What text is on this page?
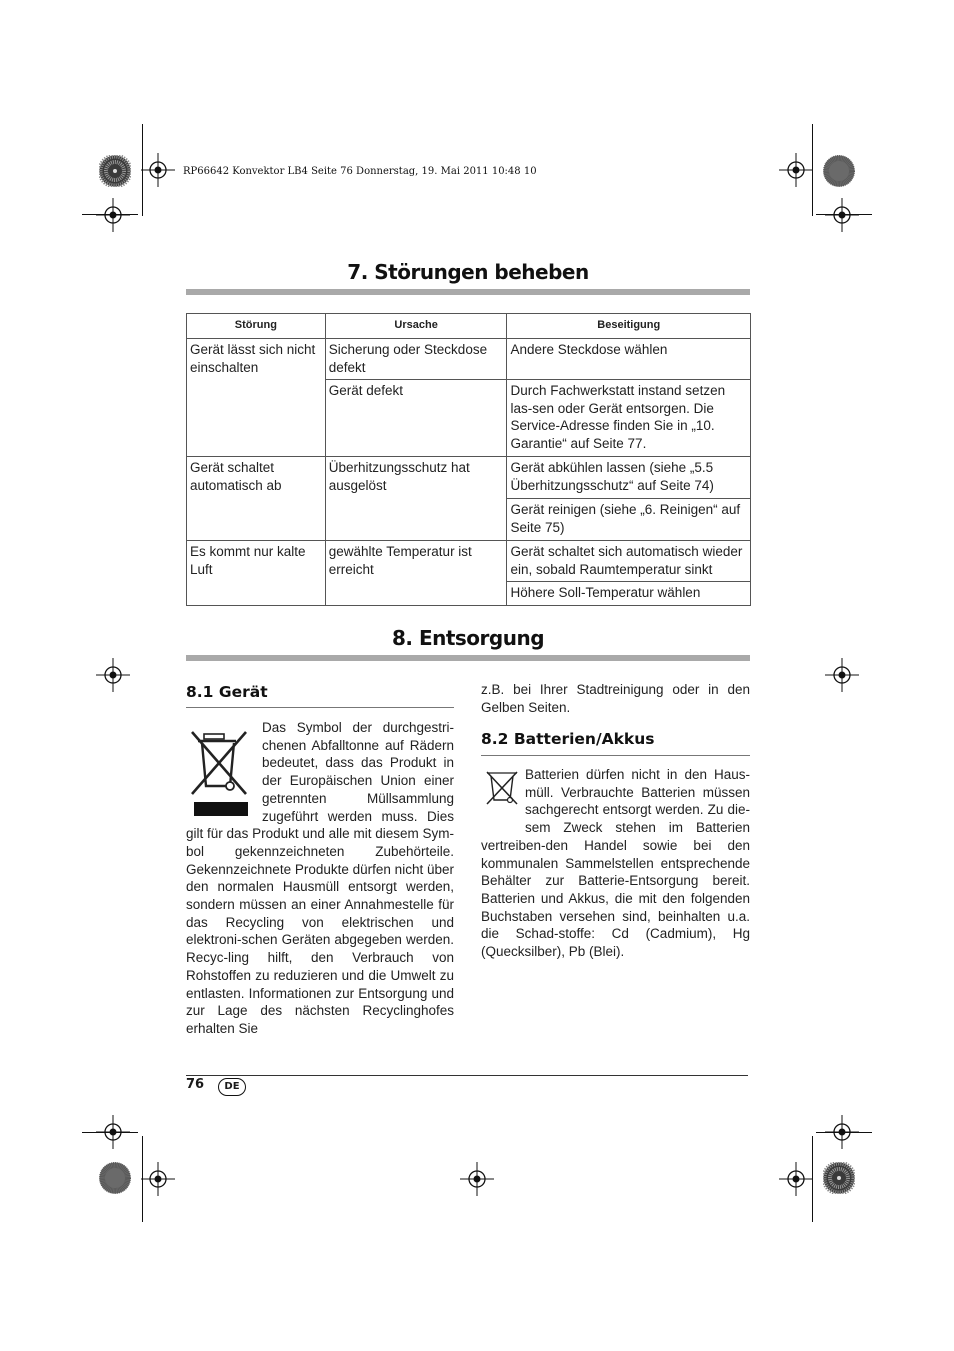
RP66642 Konvektor LB4 Seite 76 Donnerstag, 19. Mai 2011 10:48 10
7. Störungen beheben
Störung	Ursache	Beseitigung
Gerät lässt sich nicht einschalten	Sicherung oder Steckdose defekt	Andere Steckdose wählen
	Gerät defekt	Durch Fachwerkstatt instand setzen las-sen oder Gerät entsorgen. Die Service-Adresse finden Sie in „10. Garantie“ auf Seite 77.
Gerät schaltet automatisch ab	Überhitzungsschutz hat ausgelöst	Gerät abkühlen lassen (siehe „5.5 Überhitzungsschutz“ auf Seite 74)
		Gerät reinigen (siehe „6. Reinigen“ auf Seite 75)
Es kommt nur kalte Luft	gewählte Temperatur ist erreicht	Gerät schaltet sich automatisch wieder ein, sobald Raumtemperatur sinkt
		Höhere Soll-Temperatur wählen
8. Entsorgung
8.1 Gerät
Das Symbol der durchgestri-chenen Abfalltonne auf Rädern bedeutet, dass das Produkt in der Europäischen Union einer getrennten Müllsammlung zugeführt werden muss. Dies gilt für das Produkt und alle mit diesem Sym-bol gekennzeichneten Zubehörteile. Gekennzeichnete Produkte dürfen nicht über den normalen Hausmüll entsorgt werden, sondern müssen an einer Annahmestelle für das Recycling von elektrischen und elektroni-schen Geräten abgegeben werden. Recyc-ling hilft, den Verbrauch von Rohstoffen zu reduzieren und die Umwelt zu entlasten. Informationen zur Entsorgung und zur Lage des nächsten Recyclinghofes erhalten Sie
z.B. bei Ihrer Stadtreinigung oder in den Gelben Seiten.
8.2 Batterien/Akkus
Batterien dürfen nicht in den Haus-müll. Verbrauchte Batterien müssen sachgerecht entsorgt werden. Zu die-sem Zweck stehen im Batterien vertreiben-den Handel sowie bei den kommunalen Sammelstellen entsprechende Behälter zur Batterie-Entsorgung bereit. Batterien und Akkus, die mit den folgenden Buchstaben versehen sind, beinhalten u.a. die Schad-stoffe: Cd (Cadmium), Hg (Quecksilber), Pb (Blei).
76	DE
